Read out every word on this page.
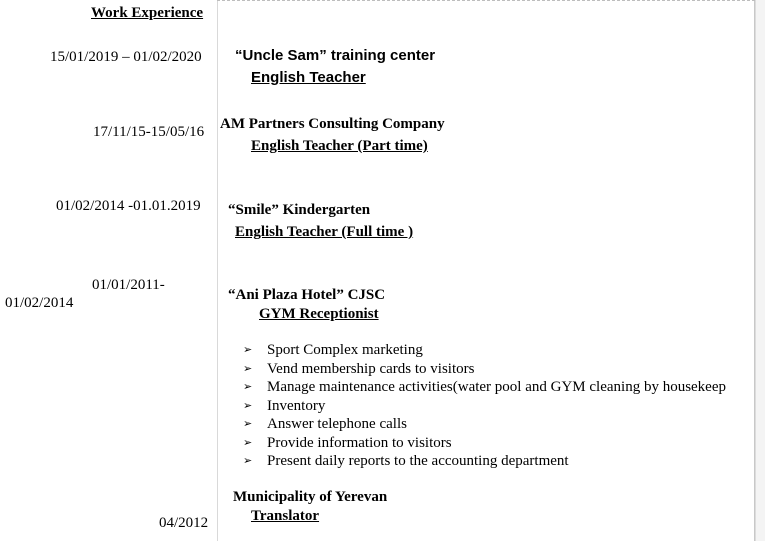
Work Experience
15/01/2019 – 01/02/2020 “Uncle Sam” training center
English Teacher
17/11/15-15/05/16 AM Partners Consulting Company
English Teacher (Part time)
01/02/2014 -01.01.2019 “Smile” Kindergarten
English Teacher (Full time )
01/01/2011-
01/02/2014	“Ani Plaza Hotel” CJSC
GYM Receptionist
➢ Sport Complex marketing
➢ Vend membership cards to visitors
➢ Manage maintenance activities(water pool and GYM cleaning by housekeep
➢ Inventory
➢ Answer telephone calls
➢ Provide information to visitors
➢ Present daily reports to the accounting department
Municipality of Yerevan
Translator
04/2012
